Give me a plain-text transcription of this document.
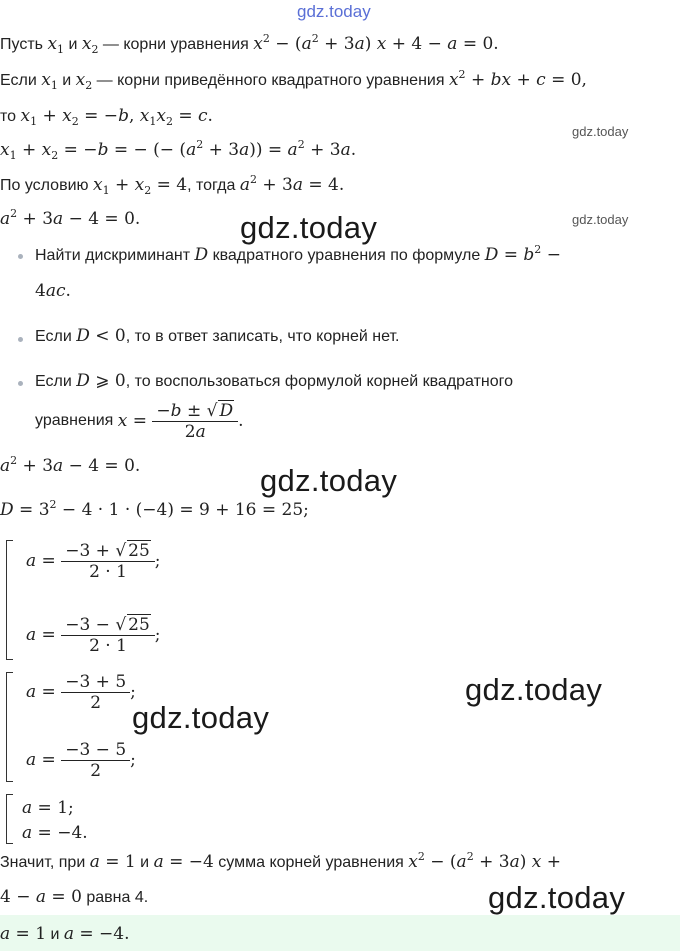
gdz.today
gdz.today
gdz.today
gdz.today
gdz.today
gdz.today
gdz.today
gdz.today
Пусть $x_1$ и $x_2$ — корни уравнения $x^2 - (a^2 + 3a) x + 4 - a = 0$.
Если $x_1$ и $x_2$ — корни приведённого квадратного уравнения $x^2$ + bx + c = 0,
то $x_1 + x_2 = -b$, $x_1x_2 = c$.
$x_1 + x_2 = -b$ = − (− $(a^2 + 3a)) = a^2 + 3a$.
По условию $x_1 + x_2 = 4$, тогда $a^2 + 3a = 4$.
$a^2 + 3a - 4 = 0$.
Найти дискриминант D квадратного уравнения по формуле $D = b^2$ −
4ac.
Если D < 0, то в ответ записать, что корней нет.
Если D ⩾ 0, то воспользоваться формулой корней квадратного
уравнения $x = \frac{-b \pm √ D}{2a}$ .
$a^2 + 3a - 4 = 0$.
$D = 3^2 - 4 \cdot 1 \cdot (-4) = 9 + 16 = 25$;
$a = \frac{-3 + √ 25}{2 \cdot 1}$ ;
$a = \frac{-3 - √ 25}{2 \cdot 1}$ ;
$a = \frac{-3 + 5}{2}$ ;
$a = \frac{-3 - 5}{2}$ ;
a = 1;
a = −4.
Значит, при a = 1 и a = −4 сумма корней уравнения $x^2 - (a^2 + 3a) x$ +
4 − a = 0 равна 4.
a = 1 и a = −4.
